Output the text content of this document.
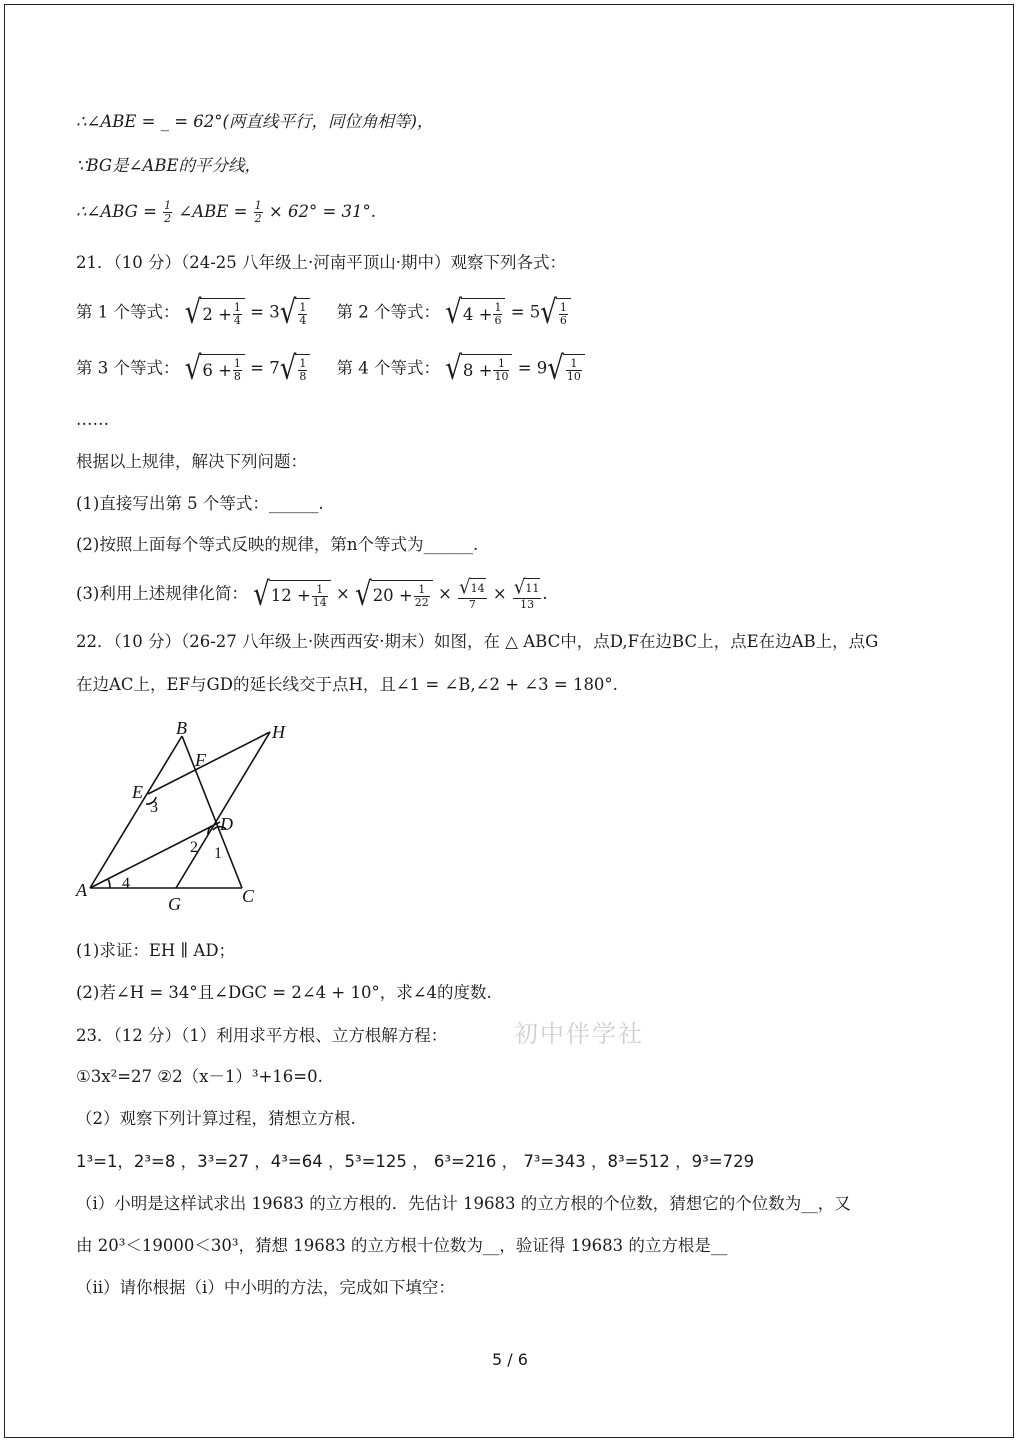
∴∠ABE = _ = 62°(两直线平行，同位角相等)，
∵BG是∠ABE的平分线，
∴∠ABG = $\frac{1}{2}$ ∠ABE = $\frac{1}{2} \times 62^\circ = 31^\circ$.
21．（10 分）（24-25 八年级上·河南平顶山·期中）观察下列各式：
第 1 个等式： √ $2 + \frac{1}{4} = 3$ √ $\frac{1}{4}$ 第 2 个等式： √ $4 + \frac{1}{6} = 5$ √ $\frac{1}{6}$
第 3 个等式： √ $6 + \frac{1}{8} = 7$ √ $\frac{1}{8}$ 第 4 个等式： √ $8 + \frac{1}{10} = 9$ √ $\frac{1}{10}$
……
根据以上规律，解决下列问题：
(1)直接写出第 5 个等式：______.
(2)按照上面每个等式反映的规律，第n个等式为______.
(3)利用上述规律化简： √ $12 + \frac{1}{14}$ × √ $20 + \frac{1}{22} \times \frac{√ 14}{7} \times \frac{√ 11}{13}$ .
22．（10 分）（26-27 八年级上·陕西西安·期末）如图，在 △ ABC中，点D,F在边BC上，点E在边AB上，点G
在边AC上，EF与GD的延长线交于点H，且∠1 = ∠B,∠2 + ∠3 = 180°.
B	H
F
E
D
A
G	C
1
2
3
4
(1)求证：EH ∥ AD；
(2)若∠H = 34°且∠DGC = 2∠4 + 10°，求∠4的度数.
初中伴学社
23．（12 分）（1）利用求平方根、立方根解方程：
①3x²=27 ②2（x－1）³+16=0.
（2）观察下列计算过程，猜想立方根.
1³=1，2³=8 ，3³=27 ，4³=64 ，5³=125 ， 6³=216 ， 7³=343 ，8³=512 ，9³=729
（ⅰ）小明是这样试求出 19683 的立方根的．先估计 19683 的立方根的个位数，猜想它的个位数为__，又
由 20³＜19000＜30³，猜想 19683 的立方根十位数为__，验证得 19683 的立方根是__
（ⅱ）请你根据（ⅰ）中小明的方法，完成如下填空：
5 / 6
